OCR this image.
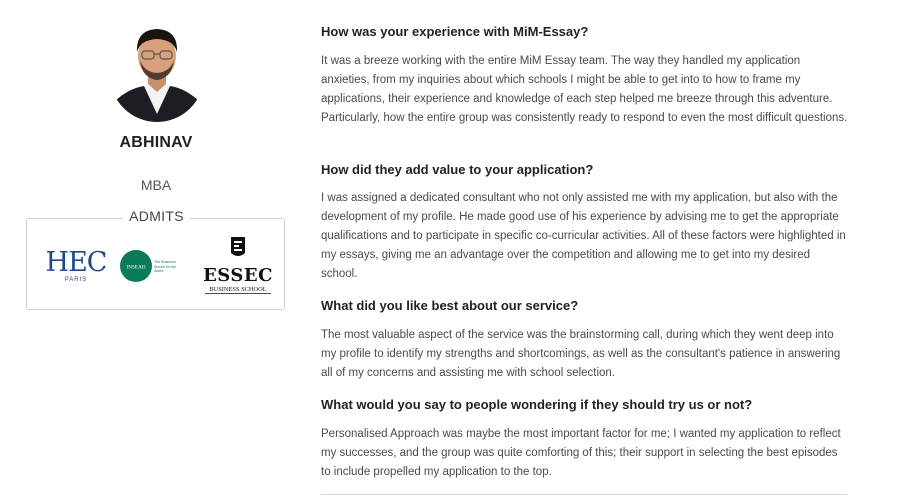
ABHINAV
MBA
ADMITS
HEC
PARIS
INSEAD
The Business School for the World	ESSEC
BUSINESS SCHOOL
How was your experience with MiM-Essay?
It was a breeze working with the entire MiM Essay team. The way they handled my application anxieties, from my inquiries about which schools I might be able to get into to how to frame my applications, their experience and knowledge of each step helped me breeze through this adventure. Particularly, how the entire group was consistently ready to respond to even the most difficult questions.
How did they add value to your application?
I was assigned a dedicated consultant who not only assisted me with my application, but also with the development of my profile. He made good use of his experience by advising me to get the appropriate qualifications and to participate in specific co-curricular activities. All of these factors were highlighted in my essays, giving me an advantage over the competition and allowing me to get into my desired school.
What did you like best about our service?
The most valuable aspect of the service was the brainstorming call, during which they went deep into my profile to identify my strengths and shortcomings, as well as the consultant's patience in answering all of my concerns and assisting me with school selection.
What would you say to people wondering if they should try us or not?
Personalised Approach was maybe the most important factor for me; I wanted my application to reflect my successes, and the group was quite comforting of this; their support in selecting the best episodes to include propelled my application to the top.
